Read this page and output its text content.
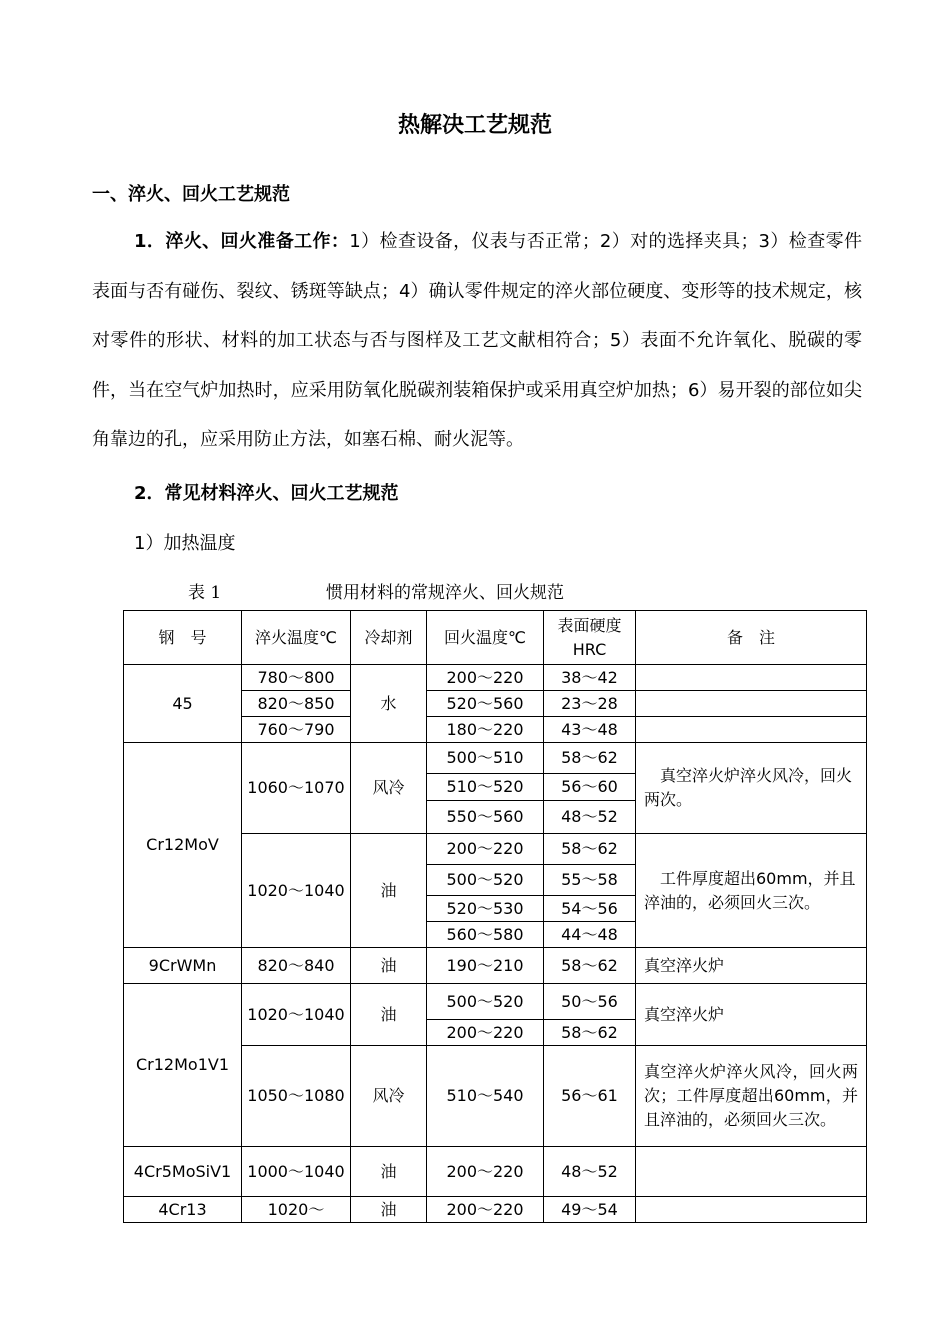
热解决工艺规范
一、淬火、回火工艺规范
1．淬火、回火准备工作：1）检查设备，仪表与否正常；2）对的选择夹具；3）检查零件表面与否有碰伤、裂纹、锈斑等缺点；4）确认零件规定的淬火部位硬度、变形等的技术规定，核对零件的形状、材料的加工状态与否与图样及工艺文献相符合；5）表面不允许氧化、脱碳的零件，当在空气炉加热时，应采用防氧化脱碳剂装箱保护或采用真空炉加热；6）易开裂的部位如尖角靠边的孔，应采用防止方法，如塞石棉、耐火泥等。
2．常见材料淬火、回火工艺规范
1）加热温度
表 1	惯用材料的常规淬火、回火规范
钢　号	淬火温度℃	冷却剂	回火温度℃	表面硬度HRC	备　注
45	780～800	水	200～220	38～42	
	820～850		520～560	23～28	
	760～790		180～220	43～48	
Cr12MoV	1060～1070	风冷	500～510	58～62	真空淬火炉淬火风冷，回火两次。
			510～520	56～60	
			550～560	48～52	
	1020～1040	油	200～220	58～62	工件厚度超出60mm，并且淬油的，必须回火三次。
			500～520	55～58	
			520～530	54～56	
			560～580	44～48	
9CrWMn	820～840	油	190～210	58～62	真空淬火炉
Cr12Mo1V1	1020～1040	油	500～520	50～56	真空淬火炉
			200～220	58～62	
	1050～1080	风冷	510～540	56～61	真空淬火炉淬火风冷，回火两次；工件厚度超出60mm，并且淬油的，必须回火三次。
4Cr5MoSiV1	1000～1040	油	200～220	48～52	
4Cr13	1020～	油	200～220	49～54	
